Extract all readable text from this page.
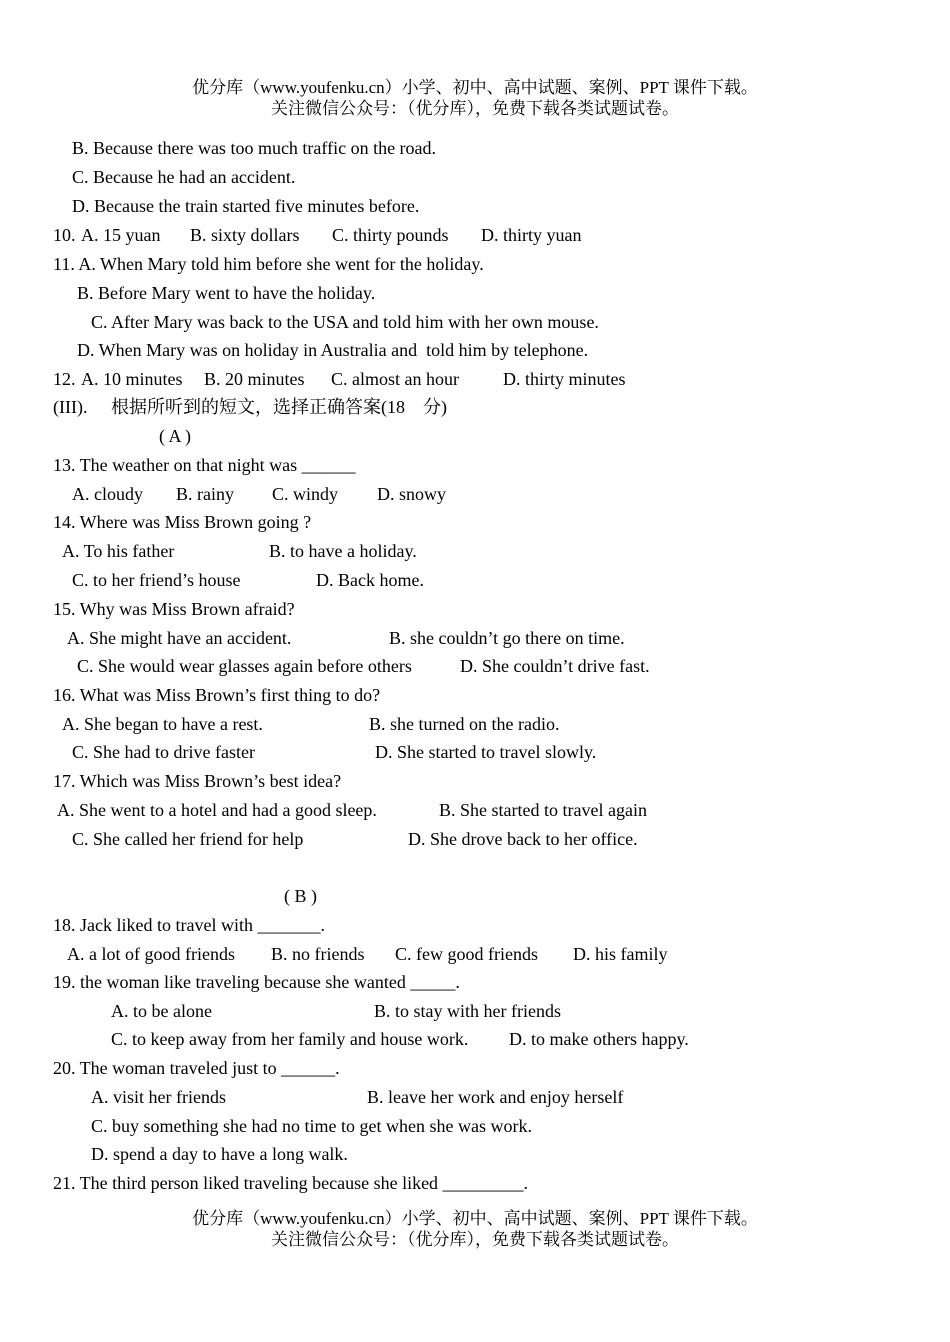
优分库（www.youfenku.cn）小学、初中、高中试题、案例、PPT 课件下载。
关注微信公众号：（优分库），免费下载各类试题试卷。
B. Because there was too much traffic on the road.
C. Because he had an accident.
D. Because the train started five minutes before.
10. A. 15 yuan B. sixty dollars C. thirty pounds D. thirty yuan
11. A. When Mary told him before she went for the holiday.
B. Before Mary went to have the holiday.
C. After Mary was back to the USA and told him with her own mouse.
D. When Mary was on holiday in Australia and  told him by telephone.
12. A. 10 minutes B. 20 minutes C. almost an hour D. thirty minutes
(III). 根据所听到的短文，选择正确答案(18　分)
( A )
13. The weather on that night was ______
A. cloudy B. rainy C. windy D. snowy
14. Where was Miss Brown going ?
A. To his father	B. to have a holiday.
C. to her friend’s house	D. Back home.
15. Why was Miss Brown afraid?
A. She might have an accident.	B. she couldn’t go there on time.
C. She would wear glasses again before others	D. She couldn’t drive fast.
16. What was Miss Brown’s first thing to do?
A. She began to have a rest.	B. she turned on the radio.
C. She had to drive faster	D. She started to travel slowly.
17. Which was Miss Brown’s best idea?
A. She went to a hotel and had a good sleep.	B. She started to travel again
C. She called her friend for help	D. She drove back to her office.
( B )
18. Jack liked to travel with _______.
A. a lot of good friends B. no friends C. few good friends D. his family
19. the woman like traveling because she wanted _____.
A. to be alone	B. to stay with her friends
C. to keep away from her family and house work. D. to make others happy.
20. The woman traveled just to ______.
A. visit her friends	B. leave her work and enjoy herself
C. buy something she had no time to get when she was work.
D. spend a day to have a long walk.
21. The third person liked traveling because she liked _________.
优分库（www.youfenku.cn）小学、初中、高中试题、案例、PPT 课件下载。
关注微信公众号：（优分库），免费下载各类试题试卷。
